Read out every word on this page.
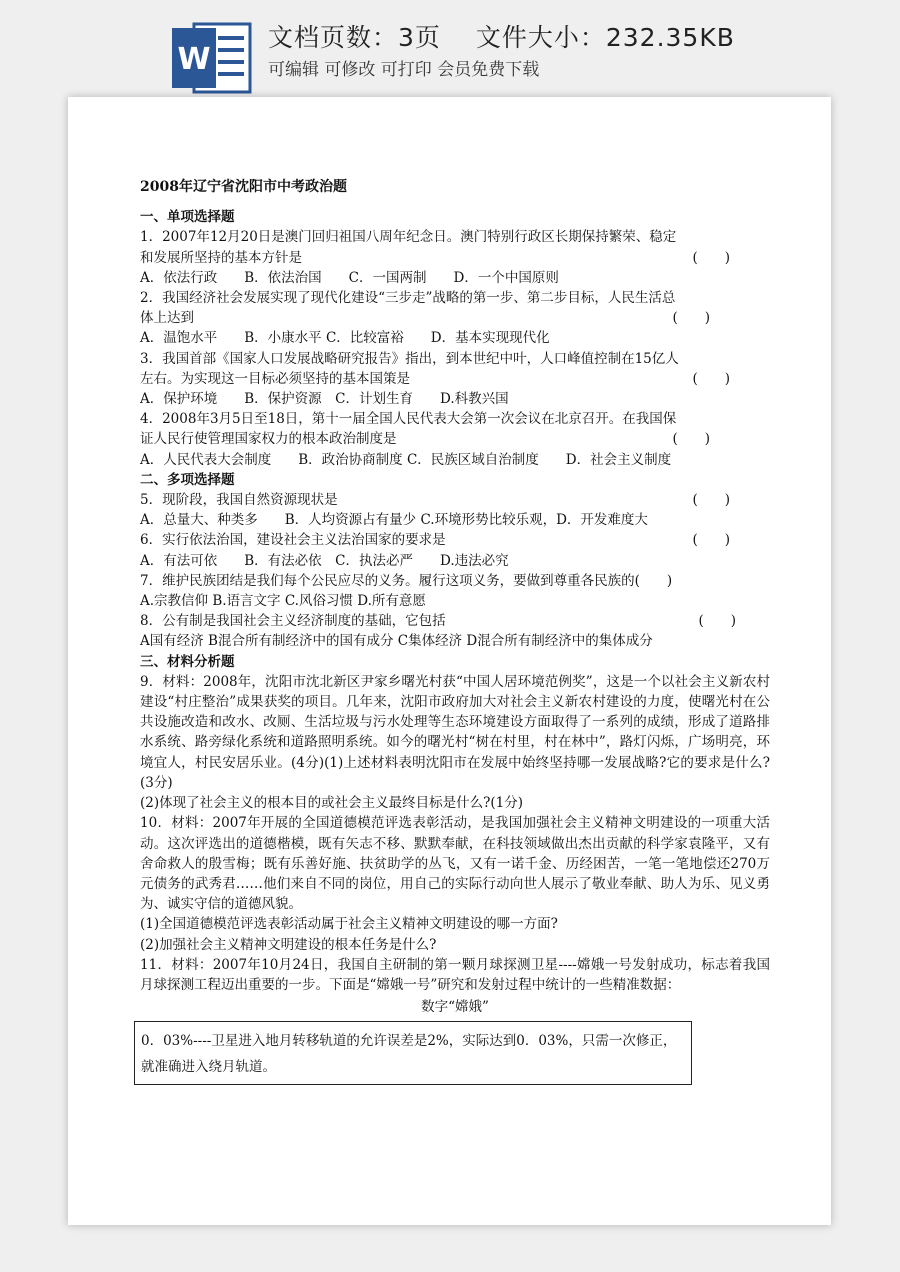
W
文档页数：3页　 文件大小：232.35KB
可编辑 可修改 可打印 会员免费下载
2008年辽宁省沈阳市中考政治题
一、单项选择题
1．2007年12月20日是澳门回归祖国八周年纪念日。澳门特别行政区长期保持繁荣、稳定
和发展所坚持的基本方针是	(　　)
A．依法行政　　B．依法治国　　C．一国两制　　D．一个中国原则
2．我国经济社会发展实现了现代化建设“三步走”战略的第一步、第二步目标，人民生活总
体上达到	(　　)
A．温饱水平　　B．小康水平 C．比较富裕　　D．基本实现现代化
3．我国首部《国家人口发展战略研究报告》指出，到本世纪中叶，人口峰值控制在15亿人
左右。为实现这一目标必须坚持的基本国策是	(　　)
A．保护环境　　B．保护资源　C．计划生育　　D.科教兴国
4．2008年3月5日至18日，第十一届全国人民代表大会第一次会议在北京召开。在我国保
证人民行使管理国家权力的根本政治制度是	(　　)
A．人民代表大会制度　　B．政治协商制度 C．民族区域自治制度　　D．社会主义制度
二、多项选择题
5．现阶段，我国自然资源现状是	(　　)
A．总量大、种类多　　B．人均资源占有量少 C.环境形势比较乐观，D．开发难度大
6．实行依法治国，建设社会主义法治国家的要求是	(　　)
A．有法可依　　B．有法必依　C．执法必严　　D.违法必究
7．维护民族团结是我们每个公民应尽的义务。履行这项义务，要做到尊重各民族的(　　)
A.宗教信仰 B.语言文字 C.风俗习惯 D.所有意愿
8．公有制是我国社会主义经济制度的基础，它包括	(　　)
A国有经济 B混合所有制经济中的国有成分 C集体经济 D混合所有制经济中的集体成分
三、材料分析题
9．材料：2008年，沈阳市沈北新区尹家乡曙光村获“中国人居环境范例奖”，这是一个以社会主义新农村建设“村庄整治”成果获奖的项目。几年来，沈阳市政府加大对社会主义新农村建设的力度，使曙光村在公共设施改造和改水、改厕、生活垃圾与污水处理等生态环境建设方面取得了一系列的成绩，形成了道路排水系统、路旁绿化系统和道路照明系统。如今的曙光村“树在村里，村在林中”，路灯闪烁，广场明亮，环境宜人，村民安居乐业。(4分)(1)上述材料表明沈阳市在发展中始终坚持哪一发展战略?它的要求是什么?(3分)
(2)体现了社会主义的根本目的或社会主义最终目标是什么?(1分)
10．材料：2007年开展的全国道德模范评选表彰活动，是我国加强社会主义精神文明建设的一项重大活动。这次评选出的道德楷模，既有矢志不移、默默奉献，在科技领域做出杰出贡献的科学家袁隆平，又有舍命救人的殷雪梅；既有乐善好施、扶贫助学的丛飞，又有一诺千金、历经困苦，一笔一笔地偿还270万元债务的武秀君……他们来自不同的岗位，用自己的实际行动向世人展示了敬业奉献、助人为乐、见义勇为、诚实守信的道德风貌。
(1)全国道德模范评选表彰活动属于社会主义精神文明建设的哪一方面?
(2)加强社会主义精神文明建设的根本任务是什么?
11．材料：2007年10月24日，我国自主研制的第一颗月球探测卫星----嫦娥一号发射成功，标志着我国月球探测工程迈出重要的一步。下面是“嫦娥一号”研究和发射过程中统计的一些精准数据：
数字“嫦娥”
0．03%----卫星进入地月转移轨道的允许误差是2%，实际达到0．03%，只需一次修正，就准确进入绕月轨道。
